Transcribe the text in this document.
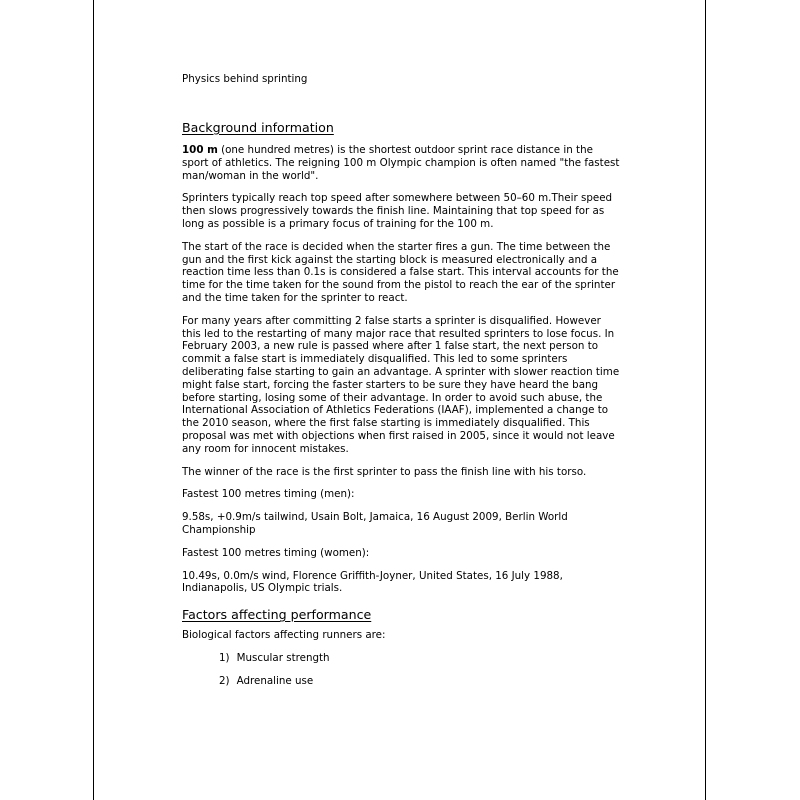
Physics behind sprinting
Background information

100 m (one hundred metres) is the shortest outdoor sprint race distance in the sport of athletics. The reigning 100 m Olympic champion is often named "the fastest man/woman in the world".

Sprinters typically reach top speed after somewhere between 50–60 m.Their speed then slows progressively towards the finish line. Maintaining that top speed for as long as possible is a primary focus of training for the 100 m.

The start of the race is decided when the starter fires a gun. The time between the gun and the first kick against the starting block is measured electronically and a reaction time less than 0.1s is considered a false start. This interval accounts for the time for the time taken for the sound from the pistol to reach the ear of the sprinter and the time taken for the sprinter to react.

For many years after committing 2 false starts a sprinter is disqualified. However this led to the restarting of many major race that resulted sprinters to lose focus. In February 2003, a new rule is passed where after 1 false start, the next person to commit a false start is immediately disqualified. This led to some sprinters deliberating false starting to gain an advantage. A sprinter with slower reaction time might false start, forcing the faster starters to be sure they have heard the bang before starting, losing some of their advantage. In order to avoid such abuse, the International Association of Athletics Federations (IAAF), implemented a change to the 2010 season, where the first false starting is immediately disqualified. This proposal was met with objections when first raised in 2005, since it would not leave any room for innocent mistakes.

The winner of the race is the first sprinter to pass the finish line with his torso.

Fastest 100 metres timing (men):

9.58s, +0.9m/s tailwind, Usain Bolt, Jamaica, 16 August 2009, Berlin World Championship

Fastest 100 metres timing (women):

10.49s, 0.0m/s wind, Florence Griffith-Joyner, United States, 16 July 1988, Indianapolis, US Olympic trials.

Factors affecting performance

Biological factors affecting runners are:

1) Muscular strength
2) Adrenaline use
